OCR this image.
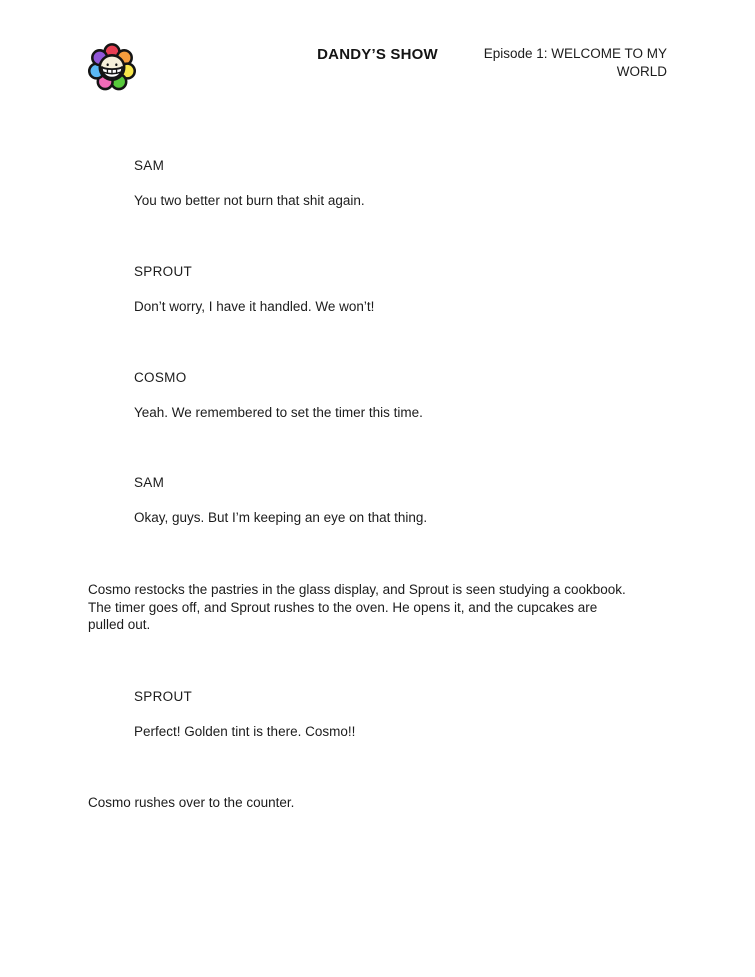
DANDY’S SHOW	Episode 1: WELCOME TO MY WORLD
SAM
You two better not burn that shit again.
SPROUT
Don’t worry, I have it handled. We won’t!
COSMO
Yeah. We remembered to set the timer this time.
SAM
Okay, guys. But I’m keeping an eye on that thing.
Cosmo restocks the pastries in the glass display, and Sprout is seen studying a cookbook.
The timer goes off, and Sprout rushes to the oven. He opens it, and the cupcakes are
pulled out.
SPROUT
Perfect! Golden tint is there. Cosmo!!
Cosmo rushes over to the counter.
